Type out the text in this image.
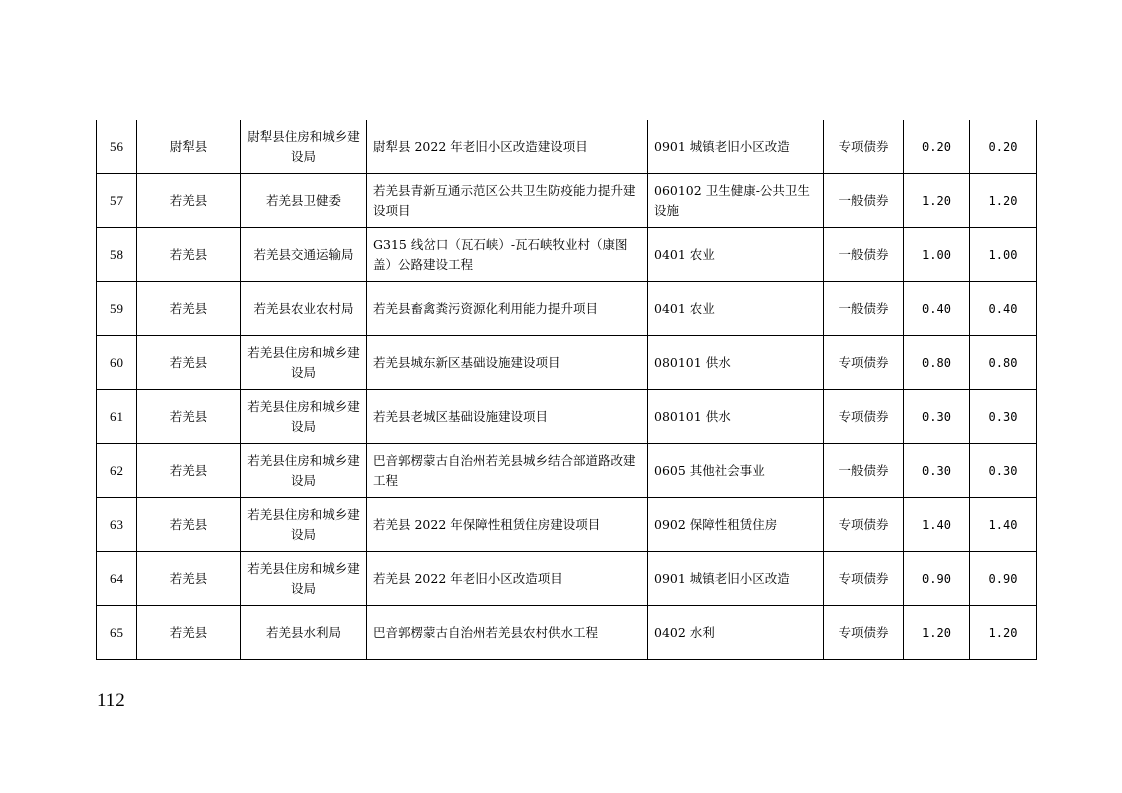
56	尉犁县	尉犁县住房和城乡建设局	尉犁县 2022 年老旧小区改造建设项目	0901 城镇老旧小区改造	专项债券	0.20	0.20
57	若羌县	若羌县卫健委	若羌县青新互通示范区公共卫生防疫能力提升建设项目	060102 卫生健康-公共卫生设施	一般债券	1.20	1.20
58	若羌县	若羌县交通运输局	G315 线岔口（瓦石峡）-瓦石峡牧业村（康图盖）公路建设工程	0401 农业	一般债券	1.00	1.00
59	若羌县	若羌县农业农村局	若羌县畜禽粪污资源化利用能力提升项目	0401 农业	一般债券	0.40	0.40
60	若羌县	若羌县住房和城乡建设局	若羌县城东新区基础设施建设项目	080101 供水	专项债券	0.80	0.80
61	若羌县	若羌县住房和城乡建设局	若羌县老城区基础设施建设项目	080101 供水	专项债券	0.30	0.30
62	若羌县	若羌县住房和城乡建设局	巴音郭楞蒙古自治州若羌县城乡结合部道路改建工程	0605 其他社会事业	一般债券	0.30	0.30
63	若羌县	若羌县住房和城乡建设局	若羌县 2022 年保障性租赁住房建设项目	0902 保障性租赁住房	专项债券	1.40	1.40
64	若羌县	若羌县住房和城乡建设局	若羌县 2022 年老旧小区改造项目	0901 城镇老旧小区改造	专项债券	0.90	0.90
65	若羌县	若羌县水利局	巴音郭楞蒙古自治州若羌县农村供水工程	0402 水利	专项债券	1.20	1.20
112
